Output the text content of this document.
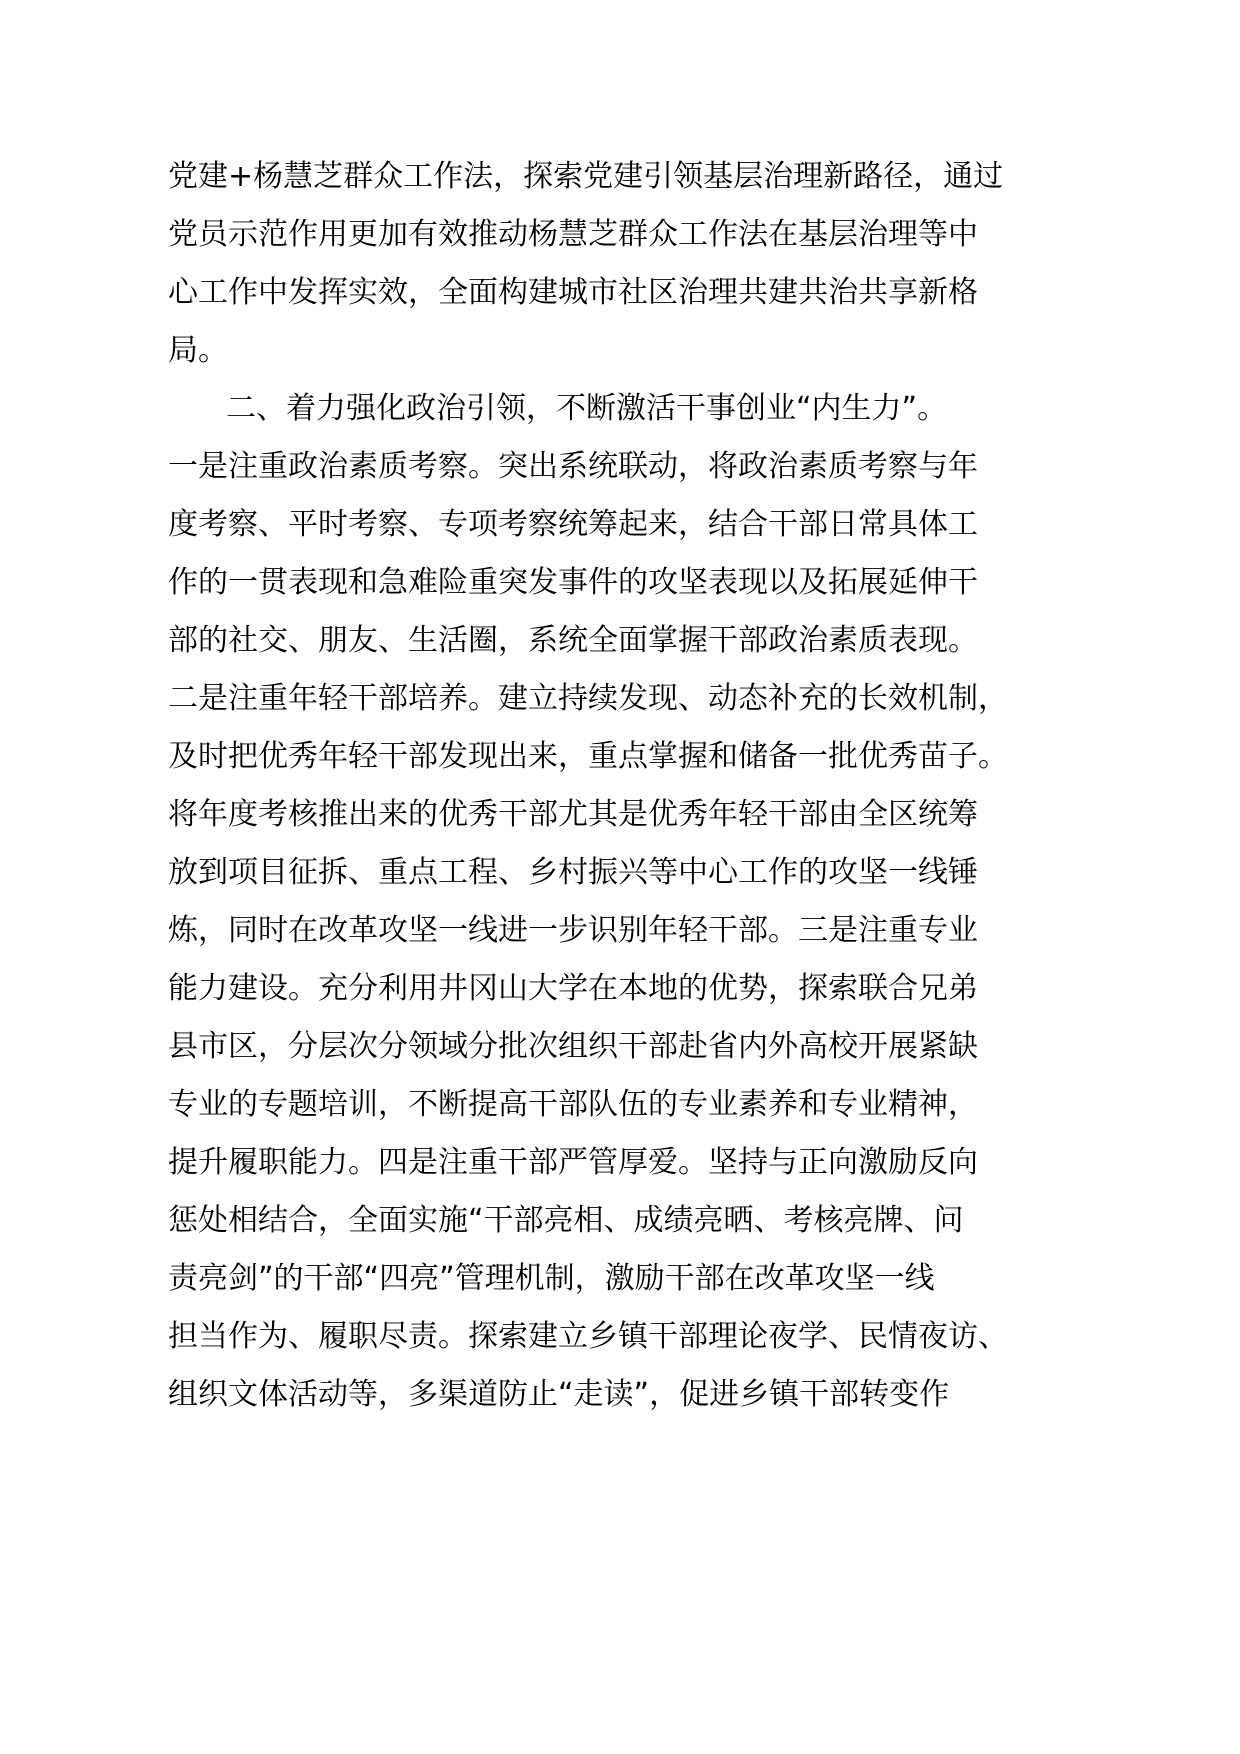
党建+杨慧芝群众工作法，探索党建引领基层治理新路径，通过
党员示范作用更加有效推动杨慧芝群众工作法在基层治理等中
心工作中发挥实效，全面构建城市社区治理共建共治共享新格
局。
二、着力强化政治引领，不断激活干事创业“内生力”。
一是注重政治素质考察。突出系统联动，将政治素质考察与年
度考察、平时考察、专项考察统筹起来，结合干部日常具体工
作的一贯表现和急难险重突发事件的攻坚表现以及拓展延伸干
部的社交、朋友、生活圈，系统全面掌握干部政治素质表现。
二是注重年轻干部培养。建立持续发现、动态补充的长效机制，
及时把优秀年轻干部发现出来，重点掌握和储备一批优秀苗子。
将年度考核推出来的优秀干部尤其是优秀年轻干部由全区统筹
放到项目征拆、重点工程、乡村振兴等中心工作的攻坚一线锤
炼，同时在改革攻坚一线进一步识别年轻干部。三是注重专业
能力建设。充分利用井冈山大学在本地的优势，探索联合兄弟
县市区，分层次分领域分批次组织干部赴省内外高校开展紧缺
专业的专题培训，不断提高干部队伍的专业素养和专业精神，
提升履职能力。四是注重干部严管厚爱。坚持与正向激励反向
惩处相结合，全面实施“干部亮相、成绩亮晒、考核亮牌、问
责亮剑”的干部“四亮”管理机制，激励干部在改革攻坚一线
担当作为、履职尽责。探索建立乡镇干部理论夜学、民情夜访、
组织文体活动等，多渠道防止“走读”，促进乡镇干部转变作
